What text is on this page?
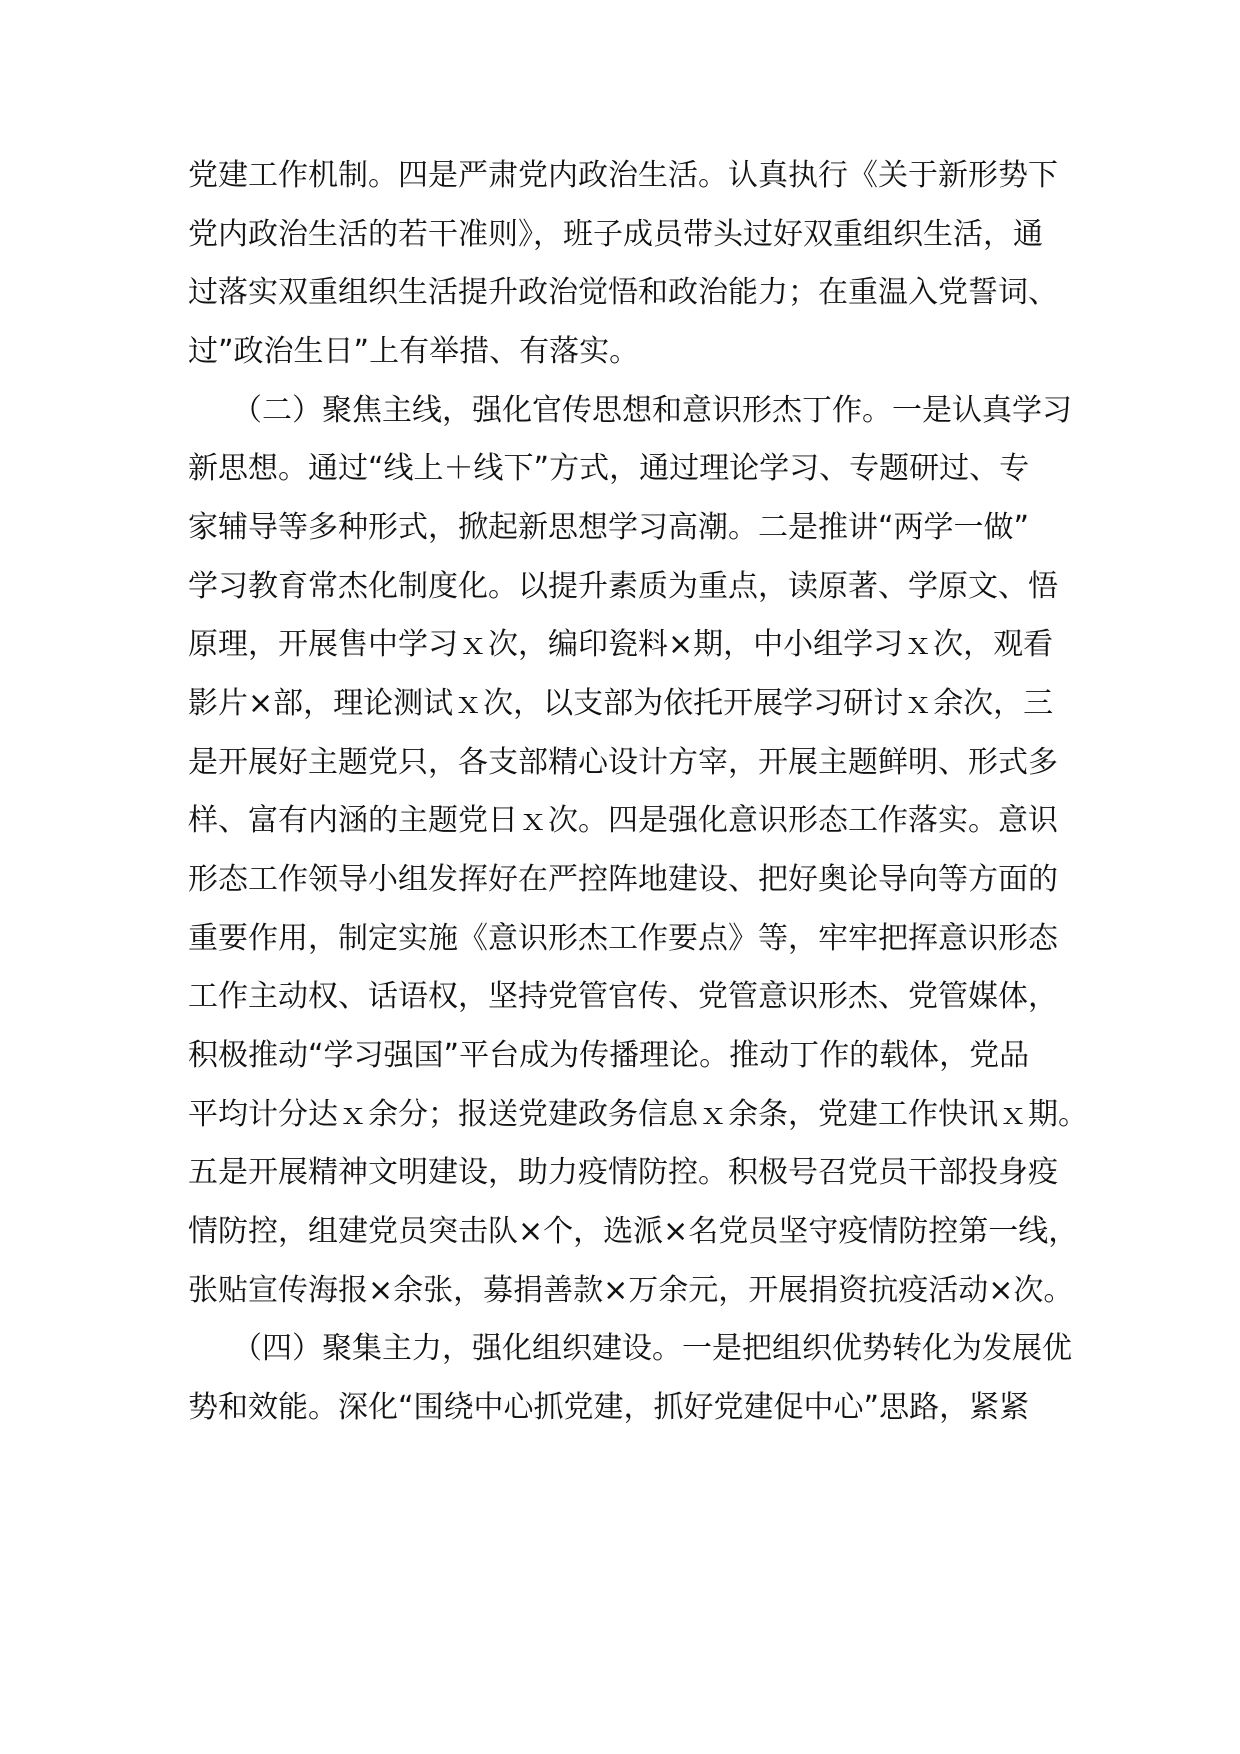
党建工作机制。四是严肃党内政治生活。认真执行《关于新形势下
党内政治生活的若干准则》，班子成员带头过好双重组织生活，通
过落实双重组织生活提升政治觉悟和政治能力；在重温入党誓词、
过”政治生日”上有举措、有落实。
（二）聚焦主线，强化官传思想和意识形杰丁作。一是认真学习
新思想。通过“线上＋线下”方式，通过理论学习、专题研过、专
家辅导等多种形式，掀起新思想学习高潮。二是推讲“两学一做”
学习教育常杰化制度化。以提升素质为重点，读原著、学原文、悟
原理，开展售中学习ｘ次，编印瓷料×期，中小组学习ｘ次，观看
影片×部，理论测试ｘ次，以支部为依托开展学习研讨ｘ余次，三
是开展好主题党只，各支部精心设计方宰，开展主题鲜明、形式多
样、富有内涵的主题党日ｘ次。四是强化意识形态工作落实。意识
形态工作领导小组发挥好在严控阵地建设、把好奥论导向等方面的
重要作用，制定实施《意识形杰工作要点》等，牢牢把挥意识形态
工作主动权、话语权，坚持党管官传、党管意识形杰、党管媒体，
积极推动“学习强国”平台成为传播理论。推动丁作的载体，党品
平均计分达ｘ余分；报送党建政务信息ｘ余条，党建工作快讯ｘ期。
五是开展精神文明建设，助力疫情防控。积极号召党员干部投身疫
情防控，组建党员突击队×个，选派×名党员坚守疫情防控第一线，
张贴宣传海报×余张，募捐善款×万余元，开展捐资抗疫活动×次。
（四）聚集主力，强化组织建设。一是把组织优势转化为发展优
势和效能。深化“围绕中心抓党建，抓好党建促中心”思路，紧紧
